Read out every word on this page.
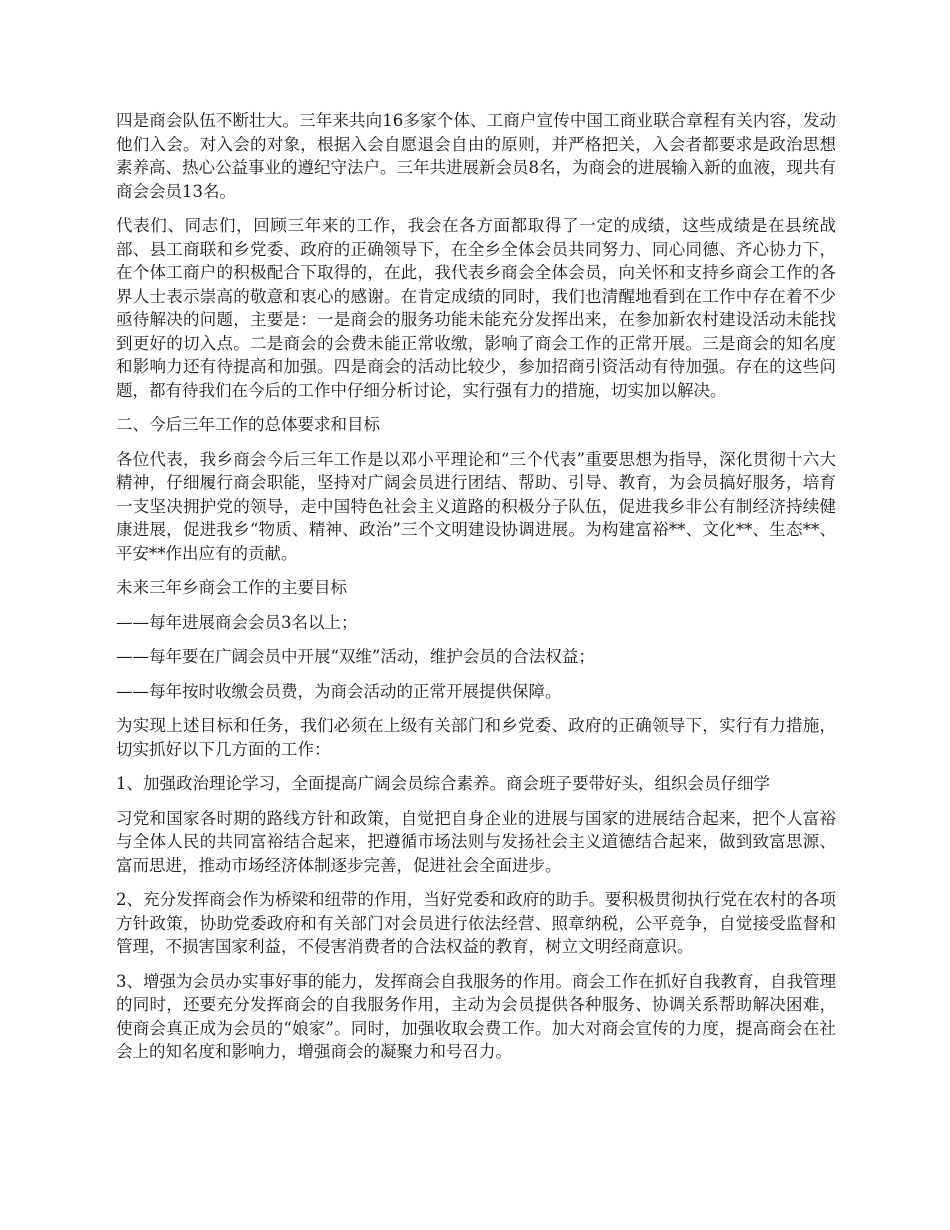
四是商会队伍不断壮大。三年来共向16多家个体、工商户宣传中国工商业联合章程有关内容，发动他们入会。对入会的对象，根据入会自愿退会自由的原则，并严格把关，入会者都要求是政治思想素养高、热心公益事业的遵纪守法户。三年共进展新会员8名，为商会的进展输入新的血液，现共有商会会员13名。

代表们、同志们，回顾三年来的工作，我会在各方面都取得了一定的成绩，这些成绩是在县统战部、县工商联和乡党委、政府的正确领导下，在全乡全体会员共同努力、同心同德、齐心协力下，在个体工商户的积极配合下取得的，在此，我代表乡商会全体会员，向关怀和支持乡商会工作的各界人士表示崇高的敬意和衷心的感谢。在肯定成绩的同时，我们也清醒地看到在工作中存在着不少亟待解决的问题，主要是：一是商会的服务功能未能充分发挥出来，在参加新农村建设活动未能找到更好的切入点。二是商会的会费未能正常收缴，影响了商会工作的正常开展。三是商会的知名度和影响力还有待提高和加强。四是商会的活动比较少，参加招商引资活动有待加强。存在的这些问题，都有待我们在今后的工作中仔细分析讨论，实行强有力的措施，切实加以解决。

二、今后三年工作的总体要求和目标

各位代表，我乡商会今后三年工作是以邓小平理论和“三个代表”重要思想为指导，深化贯彻十六大精神，仔细履行商会职能，坚持对广阔会员进行团结、帮助、引导、教育，为会员搞好服务，培育一支坚决拥护党的领导，走中国特色社会主义道路的积极分子队伍，促进我乡非公有制经济持续健康进展，促进我乡“物质、精神、政治”三个文明建设协调进展。为构建富裕**、文化**、生态**、平安**作出应有的贡献。

未来三年乡商会工作的主要目标

——每年进展商会会员3名以上；

——每年要在广阔会员中开展“双维”活动，维护会员的合法权益；

——每年按时收缴会员费，为商会活动的正常开展提供保障。

为实现上述目标和任务，我们必须在上级有关部门和乡党委、政府的正确领导下，实行有力措施，切实抓好以下几方面的工作：

1、加强政治理论学习，全面提高广阔会员综合素养。商会班子要带好头，组织会员仔细学

习党和国家各时期的路线方针和政策，自觉把自身企业的进展与国家的进展结合起来，把个人富裕与全体人民的共同富裕结合起来，把遵循市场法则与发扬社会主义道德结合起来，做到致富思源、富而思进，推动市场经济体制逐步完善，促进社会全面进步。

2、充分发挥商会作为桥梁和纽带的作用，当好党委和政府的助手。要积极贯彻执行党在农村的各项方针政策，协助党委政府和有关部门对会员进行依法经营、照章纳税，公平竞争，自觉接受监督和管理，不损害国家利益，不侵害消费者的合法权益的教育，树立文明经商意识。

3、增强为会员办实事好事的能力，发挥商会自我服务的作用。商会工作在抓好自我教育，自我管理的同时，还要充分发挥商会的自我服务作用，主动为会员提供各种服务、协调关系帮助解决困难，使商会真正成为会员的“娘家”。同时，加强收取会费工作。加大对商会宣传的力度，提高商会在社会上的知名度和影响力，增强商会的凝聚力和号召力。
